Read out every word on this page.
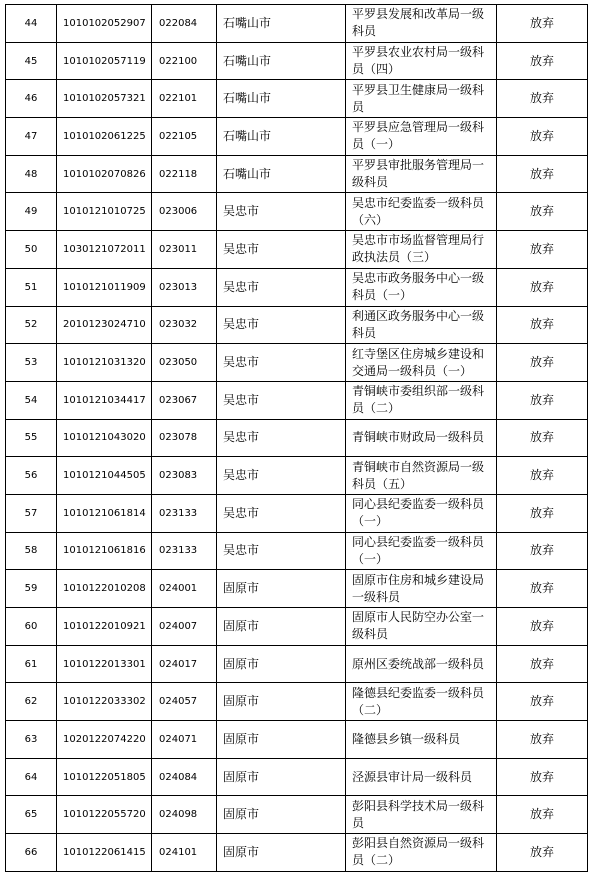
44	1010102052907	022084	石嘴山市	平罗县发展和改革局一级科员	放弃
45	1010102057119	022100	石嘴山市	平罗县农业农村局一级科员（四）	放弃
46	1010102057321	022101	石嘴山市	平罗县卫生健康局一级科员	放弃
47	1010102061225	022105	石嘴山市	平罗县应急管理局一级科员（一）	放弃
48	1010102070826	022118	石嘴山市	平罗县审批服务管理局一级科员	放弃
49	1010121010725	023006	吴忠市	吴忠市纪委监委一级科员（六）	放弃
50	1030121072011	023011	吴忠市	吴忠市市场监督管理局行政执法员（三）	放弃
51	1010121011909	023013	吴忠市	吴忠市政务服务中心一级科员（一）	放弃
52	2010123024710	023032	吴忠市	利通区政务服务中心一级科员	放弃
53	1010121031320	023050	吴忠市	红寺堡区住房城乡建设和交通局一级科员（一）	放弃
54	1010121034417	023067	吴忠市	青铜峡市委组织部一级科员（二）	放弃
55	1010121043020	023078	吴忠市	青铜峡市财政局一级科员	放弃
56	1010121044505	023083	吴忠市	青铜峡市自然资源局一级科员（五）	放弃
57	1010121061814	023133	吴忠市	同心县纪委监委一级科员（一）	放弃
58	1010121061816	023133	吴忠市	同心县纪委监委一级科员（一）	放弃
59	1010122010208	024001	固原市	固原市住房和城乡建设局一级科员	放弃
60	1010122010921	024007	固原市	固原市人民防空办公室一级科员	放弃
61	1010122013301	024017	固原市	原州区委统战部一级科员	放弃
62	1010122033302	024057	固原市	隆德县纪委监委一级科员（二）	放弃
63	1020122074220	024071	固原市	隆德县乡镇一级科员	放弃
64	1010122051805	024084	固原市	泾源县审计局一级科员	放弃
65	1010122055720	024098	固原市	彭阳县科学技术局一级科员	放弃
66	1010122061415	024101	固原市	彭阳县自然资源局一级科员（二）	放弃
